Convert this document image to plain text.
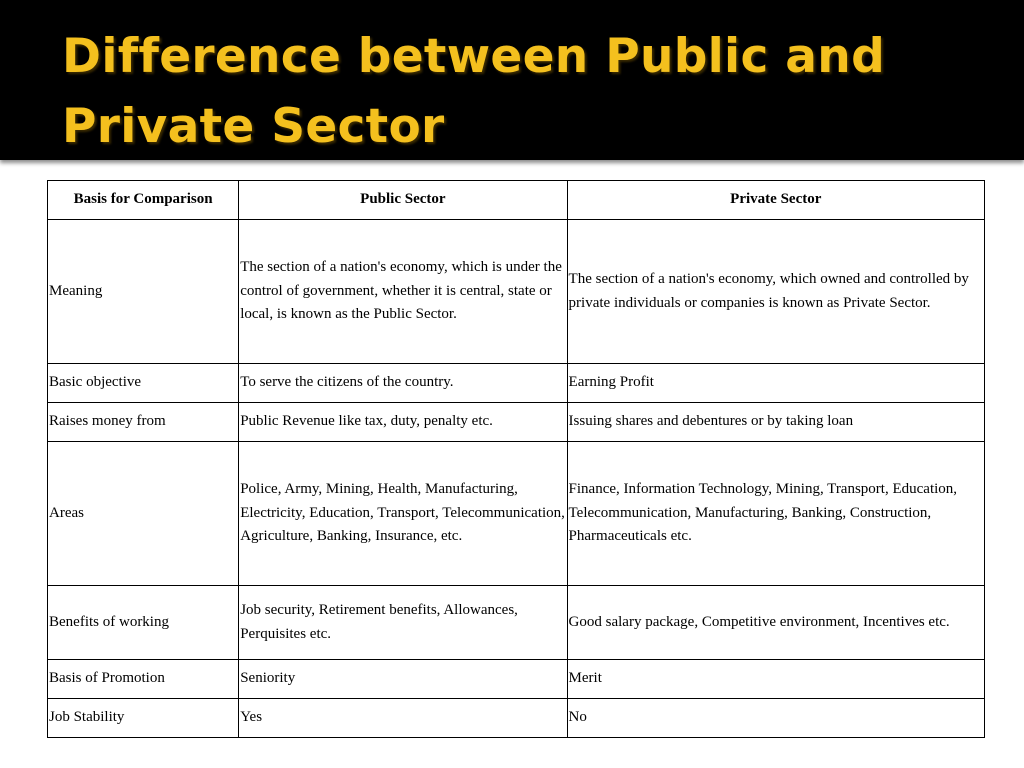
Difference between Public and Private Sector
Basis for Comparison	Public Sector	Private Sector
Meaning	The section of a nation's economy, which is under the control of government, whether it is central, state or local, is known as the Public Sector.	The section of a nation's economy, which owned and controlled by private individuals or companies is known as Private Sector.
Basic objective	To serve the citizens of the country.	Earning Profit
Raises money from	Public Revenue like tax, duty, penalty etc.	Issuing shares and debentures or by taking loan
Areas	Police, Army, Mining, Health, Manufacturing, Electricity, Education, Transport, Telecommunication, Agriculture, Banking, Insurance, etc.	Finance, Information Technology, Mining, Transport, Education, Telecommunication, Manufacturing, Banking, Construction, Pharmaceuticals etc.
Benefits of working	Job security, Retirement benefits, Allowances, Perquisites etc.	Good salary package, Competitive environment, Incentives etc.
Basis of Promotion	Seniority	Merit
Job Stability	Yes	No
